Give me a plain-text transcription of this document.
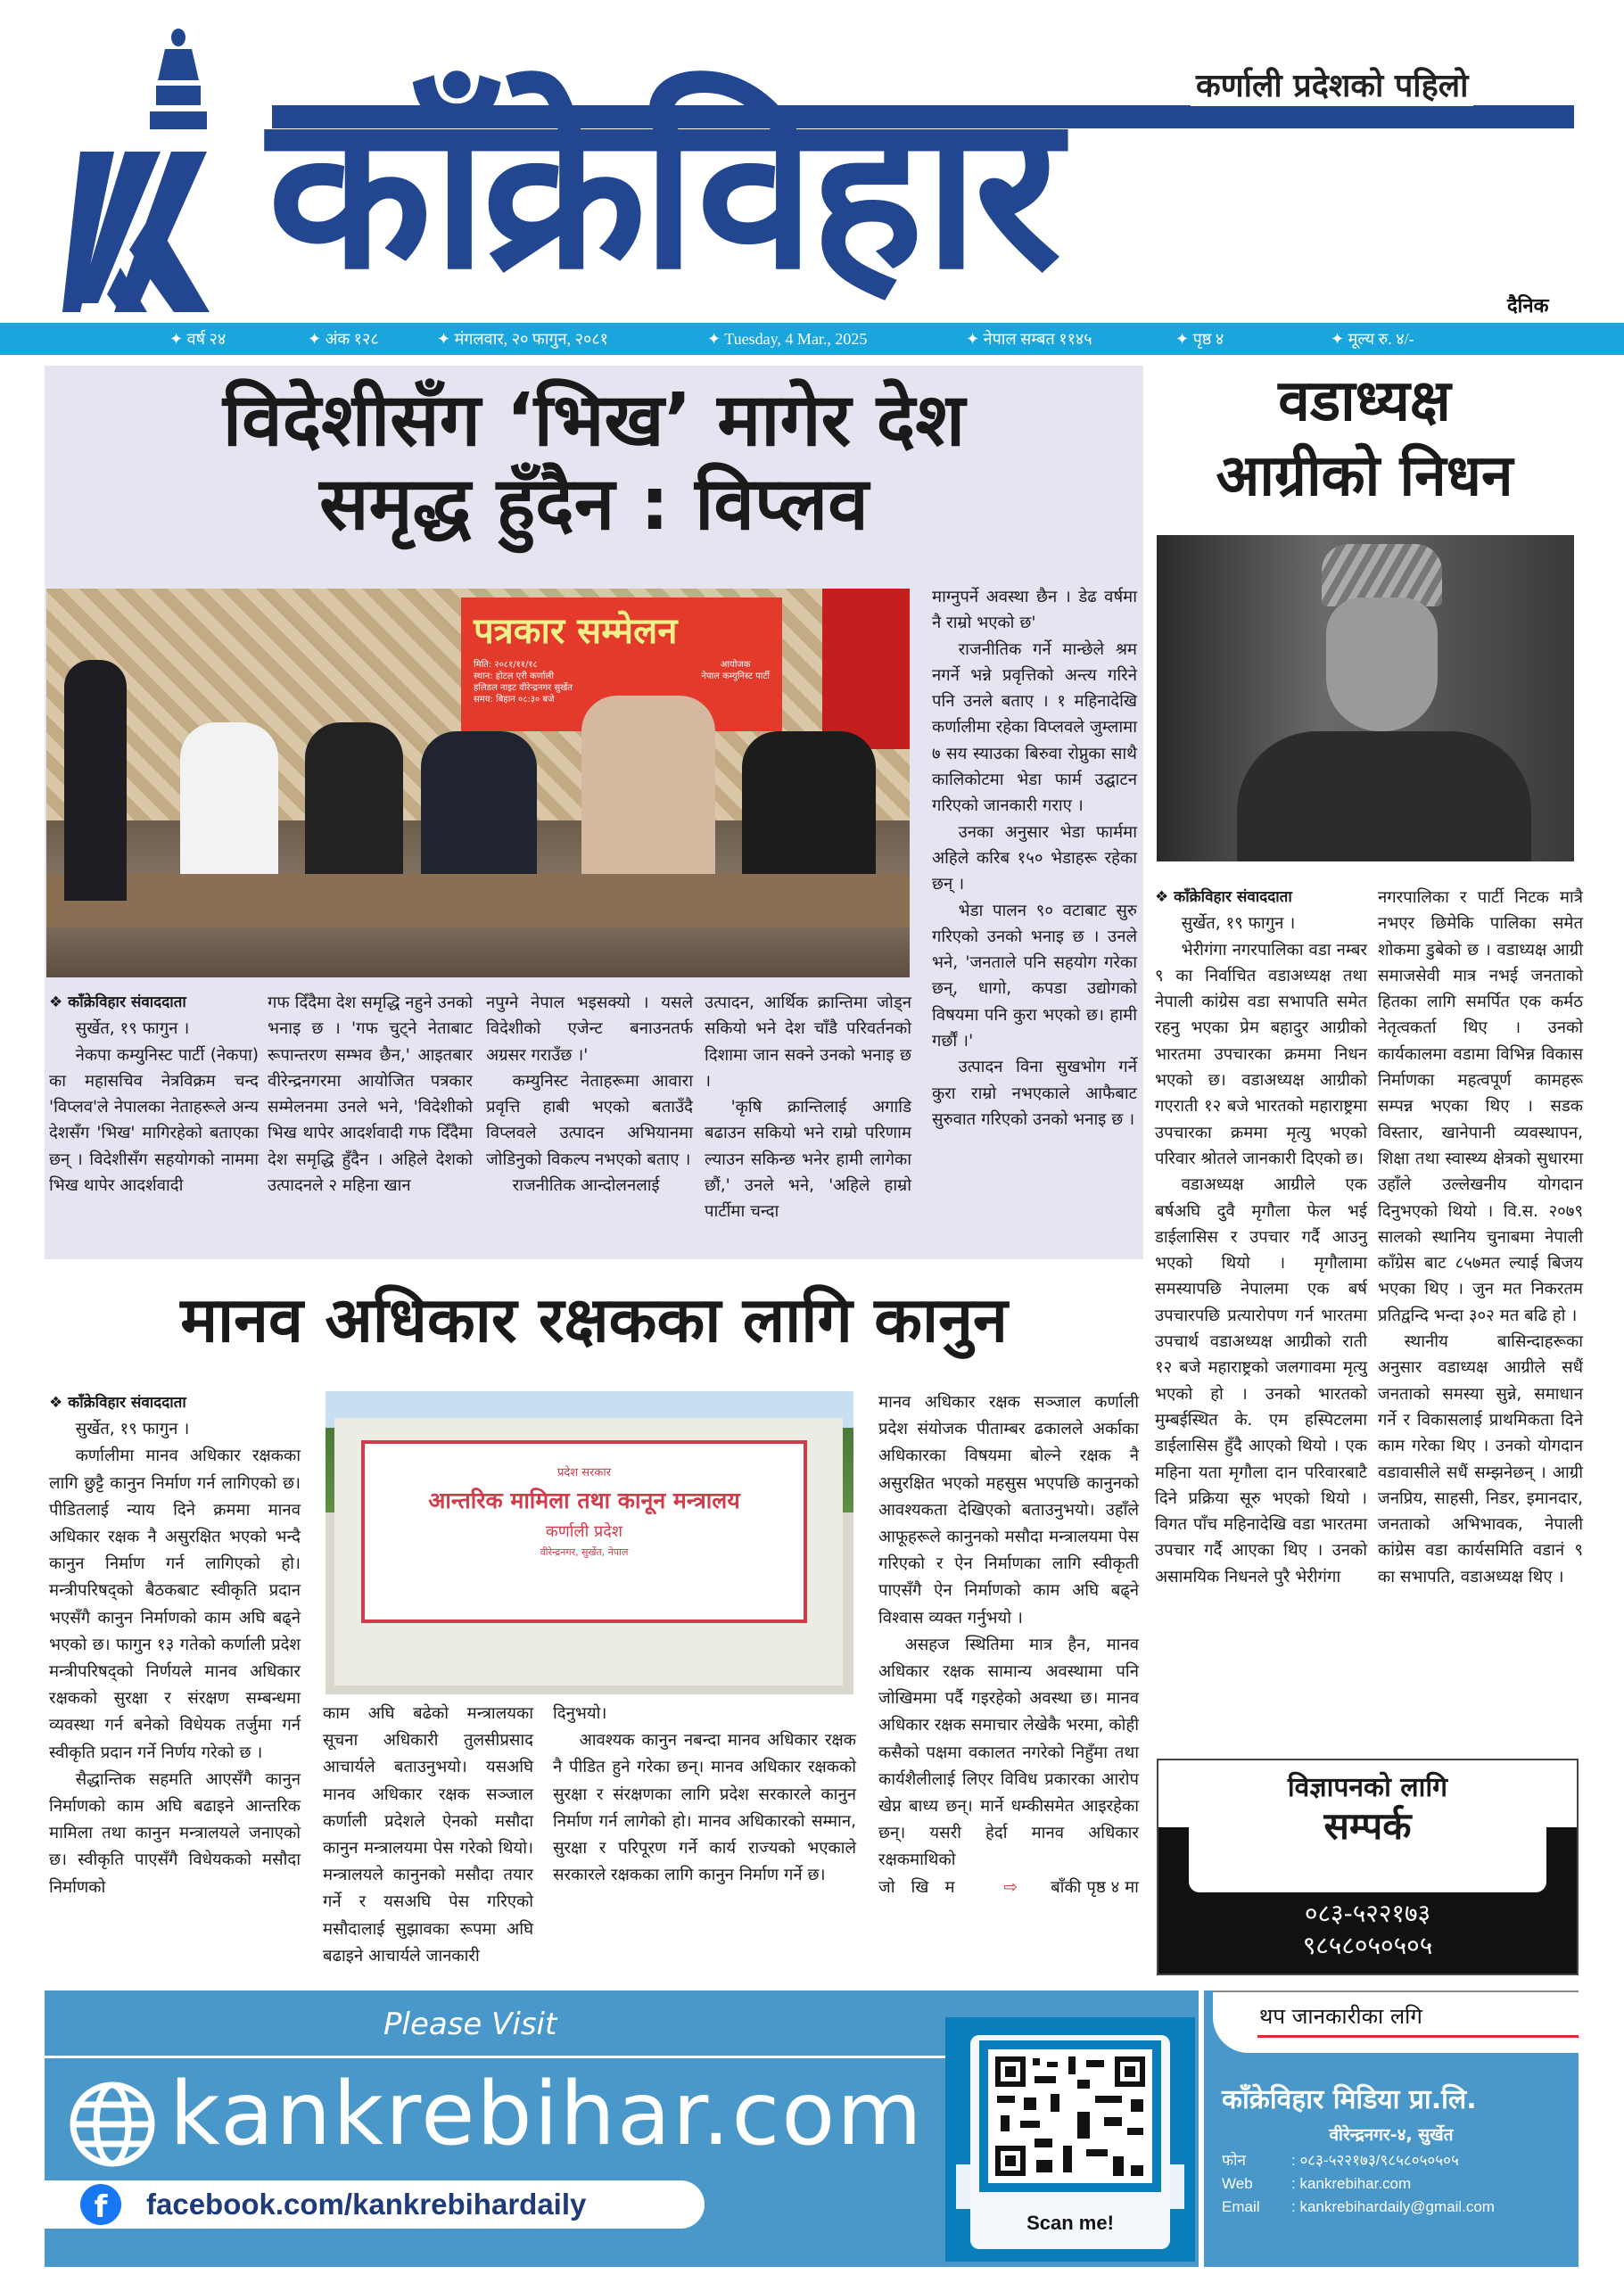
काँक्रेविहार	कर्णाली प्रदेशको पहिलो
दैनिक
✦ वर्ष २४	✦ अंक १२८	✦ मंगलवार, २० फागुन, २०८१	✦ Tuesday, 4 Mar., 2025	✦ नेपाल सम्बत ११४५	✦ पृष्ठ ४	✦ मूल्य रु. ४/-
विदेशीसँग ‘भिख’ मागेर देश
समृद्ध हुँदैन : विप्लव
पत्रकार सम्मेलन
मिति: २०८१/११/१८
स्थान: होटल एरी कर्णाली
हलिडल नाइट वीरेन्द्रनगर सुर्खेत
समय: बिहान ०८:३० बजे
आयोजक
नेपाल कम्युनिस्ट पार्टी
❖ काँक्रेविहार संवाददाता
सुर्खेत, १९ फागुन ।

नेकपा कम्युनिस्ट पार्टी (नेकपा) का महासचिव नेत्रविक्रम चन्द 'विप्लव'ले नेपालका नेताहरूले अन्य देशसँग 'भिख' मागिरहेको बताएका छन् । विदेशीसँग सहयोगको नाममा भिख थापेर आदर्शवादी

गफ दिँदैमा देश समृद्धि नहुने उनको भनाइ छ । 'गफ चुट्ने नेताबाट रूपान्तरण सम्भव छैन,' आइतबार वीरेन्द्रनगरमा आयोजित पत्रकार सम्मेलनमा उनले भने, 'विदेशीको भिख थापेर आदर्शवादी गफ दिँदैमा देश समृद्धि हुँदैन । अहिले देशको उत्पादनले २ महिना खान

नपुग्ने नेपाल भइसक्यो । यसले विदेशीको एजेन्ट बनाउनतर्फ अग्रसर गराउँछ ।'

कम्युनिस्ट नेताहरूमा आवारा प्रवृत्ति हाबी भएको बताउँदै विप्लवले उत्पादन अभियानमा जोडिनुको विकल्प नभएको बताए ।

राजनीतिक आन्दोलनलाई

उत्पादन, आर्थिक क्रान्तिमा जोड्न सकियो भने देश चाँडै परिवर्तनको दिशामा जान सक्ने उनको भनाइ छ ।

'कृषि क्रान्तिलाई अगाडि बढाउन सकियो भने राम्रो परिणाम ल्याउन सकिन्छ भनेर हामी लागेका छौं,' उनले भने, 'अहिले हाम्रो पार्टीमा चन्दा

माग्नुपर्ने अवस्था छैन । डेढ वर्षमा नै राम्रो भएको छ'

राजनीतिक गर्ने मान्छेले श्रम नगर्ने भन्ने प्रवृत्तिको अन्त्य गरिने पनि उनले बताए । १ महिनादेखि कर्णालीमा रहेका विप्लवले जुम्लामा ७ सय स्याउका बिरुवा रोप्नुका साथै कालिकोटमा भेडा फार्म उद्घाटन गरिएको जानकारी गराए ।

उनका अनुसार भेडा फार्ममा अहिले करिब १५० भेडाहरू रहेका छन् ।

भेडा पालन ९० वटाबाट सुरु गरिएको उनको भनाइ छ । उनले भने, 'जनताले पनि सहयोग गरेका छन्, धागो, कपडा उद्योगको विषयमा पनि कुरा भएको छ। हामी गर्छौं ।'

उत्पादन विना सुखभोग गर्ने कुरा राम्रो नभएकाले आफैबाट सुरुवात गरिएको उनको भनाइ छ ।

वडाध्यक्ष
आग्रीको निधन
❖ काँक्रेविहार संवाददाता
सुर्खेत, १९ फागुन ।

भेरीगंगा नगरपालिका वडा नम्बर ९ का निर्वाचित वडाअध्यक्ष तथा नेपाली कांग्रेस वडा सभापति समेत रहनु भएका प्रेम बहादुर आग्रीको भारतमा उपचारका क्रममा निधन भएको छ। वडाअध्यक्ष आग्रीको गएराती १२ बजे भारतको महाराष्ट्रमा उपचारका क्रममा मृत्यु भएको परिवार श्रोतले जानकारी दिएको छ।

वडाअध्यक्ष आग्रीले एक बर्षअघि दुवै मृगौला फेल भई डाईलासिस र उपचार गर्दै आउनु भएको थियो । मृगौलामा समस्यापछि नेपालमा एक बर्ष उपचारपछि प्रत्यारोपण गर्न भारतमा उपचार्थ वडाअध्यक्ष आग्रीको राती १२ बजे महाराष्ट्रको जलगावमा मृत्यु भएको हो । उनको भारतको मुम्बईस्थित के. एम हस्पिटलमा डाईलासिस हुँदै आएको थियो । एक महिना यता मृगौला दान परिवारबाटै दिने प्रक्रिया सूरु भएको थियो । विगत पाँच महिनादेखि वडा भारतमा उपचार गर्दै आएका थिए । उनको असामयिक निधनले पुरै भेरीगंगा

नगरपालिका र पार्टी निटक मात्रै नभएर छिमेकि पालिका समेत शोकमा डुबेको छ । वडाध्यक्ष आग्री समाजसेवी मात्र नभई जनताको हितका लागि समर्पित एक कर्मठ नेतृत्वकर्ता थिए । उनको कार्यकालमा वडामा विभिन्न विकास निर्माणका महत्वपूर्ण कामहरू सम्पन्न भएका थिए । सडक विस्तार, खानेपानी व्यवस्थापन, शिक्षा तथा स्वास्थ्य क्षेत्रको सुधारमा उहाँले उल्लेखनीय योगदान दिनुभएको थियो । वि.स. २०७९ सालको स्थानिय चुनाबमा नेपाली काँग्रेस बाट ८५७मत ल्याई बिजय भएका थिए । जुन मत निकरतम प्रतिद्वन्दि भन्दा ३०२ मत बढि हो ।

स्थानीय बासिन्दाहरूका अनुसार वडाध्यक्ष आग्रीले सधैं जनताको समस्या सुन्ने, समाधान गर्ने र विकासलाई प्राथमिकता दिने काम गरेका थिए । उनको योगदान वडावासीले सधैं सम्झनेछन् । आग्री जनप्रिय, साहसी, निडर, इमानदार, जनताको अभिभावक, नेपाली कांग्रेस वडा कार्यसमिति वडानं ९ का सभापति, वडाअध्यक्ष थिए ।

विज्ञापनको लागि
सम्पर्क
०८३-५२२१७३
९८५८०५०५०५
मानव अधिकार रक्षकका लागि कानुन
❖ काँक्रेविहार संवाददाता
सुर्खेत, १९ फागुन ।

कर्णालीमा मानव अधिकार रक्षकका लागि छुट्टै कानुन निर्माण गर्न लागिएको छ। पीडितलाई न्याय दिने क्रममा मानव अधिकार रक्षक नै असुरक्षित भएको भन्दै कानुन निर्माण गर्न लागिएको हो। मन्त्रीपरिषद्को बैठकबाट स्वीकृति प्रदान भएसँगै कानुन निर्माणको काम अघि बढ्ने भएको छ। फागुन १३ गतेको कर्णाली प्रदेश मन्त्रीपरिषद्को निर्णयले मानव अधिकार रक्षकको सुरक्षा र संरक्षण सम्बन्धमा व्यवस्था गर्न बनेको विधेयक तर्जुमा गर्न स्वीकृति प्रदान गर्ने निर्णय गरेको छ ।

सैद्धान्तिक सहमति आएसँगै कानुन निर्माणको काम अघि बढाइने आन्तरिक मामिला तथा कानुन मन्त्रालयले जनाएको छ। स्वीकृति पाएसँगै विधेयकको मसौदा निर्माणको

प्रदेश सरकार
आन्तरिक मामिला तथा कानून मन्त्रालय
कर्णाली प्रदेश
वीरेन्द्रनगर, सुर्खेत, नेपाल

काम अघि बढेको मन्त्रालयका सूचना अधिकारी तुलसीप्रसाद आचार्यले बताउनुभयो। यसअघि मानव अधिकार रक्षक सञ्जाल कर्णाली प्रदेशले ऐनको मसौदा कानुन मन्त्रालयमा पेस गरेको थियो। मन्त्रालयले कानुनको मसौदा तयार गर्ने र यसअघि पेस गरिएको मसौदालाई सुझावका रूपमा अघि बढाइने आचार्यले जानकारी

दिनुभयो।

आवश्यक कानुन नबन्दा मानव अधिकार रक्षक नै पीडित हुने गरेका छन्। मानव अधिकार रक्षकको सुरक्षा र संरक्षणका लागि प्रदेश सरकारले कानुन निर्माण गर्न लागेको हो। मानव अधिकारको सम्मान, सुरक्षा र परिपूरण गर्ने कार्य राज्यको भएकाले सरकारले रक्षकका लागि कानुन निर्माण गर्ने छ।

मानव अधिकार रक्षक सञ्जाल कर्णाली प्रदेश संयोजक पीताम्बर ढकालले अर्काका अधिकारका विषयमा बोल्ने रक्षक नै असुरक्षित भएको महसुस भएपछि कानुनको आवश्यकता देखिएको बताउनुभयो। उहाँले आफूहरूले कानुनको मसौदा मन्त्रालयमा पेस गरिएको र ऐन निर्माणका लागि स्वीकृती पाएसँगै ऐन निर्माणको काम अघि बढ्ने विश्वास व्यक्त गर्नुभयो ।

असहज स्थितिमा मात्र हैन, मानव अधिकार रक्षक सामान्य अवस्थामा पनि जोखिममा पर्दै गइरहेको अवस्था छ। मानव अधिकार रक्षक समाचार लेखेकै भरमा, कोही कसैको पक्षमा वकालत नगरेको निहुँमा तथा कार्यशैलीलाई लिएर विविध प्रकारका आरोप खेप्न बाध्य छन्। मार्ने धम्कीसमेत आइरहेका छन्। यसरी हेर्दा मानव अधिकार रक्षकमाथिको

जोखिम ⇨ बाँकी पृष्ठ ४ मा
Please Visit
kankrebihar.com
f	facebook.com/kankrebihardaily
Scan me!
थप जानकारीका लगि
काँक्रेविहार मिडिया प्रा.लि.
वीरेन्द्रनगर-४, सुर्खेत
फोन	: ०८३-५२२१७३/९८५८०५०५०५
Web	: kankrebihar.com
Email	: kankrebihardaily@gmail.com
